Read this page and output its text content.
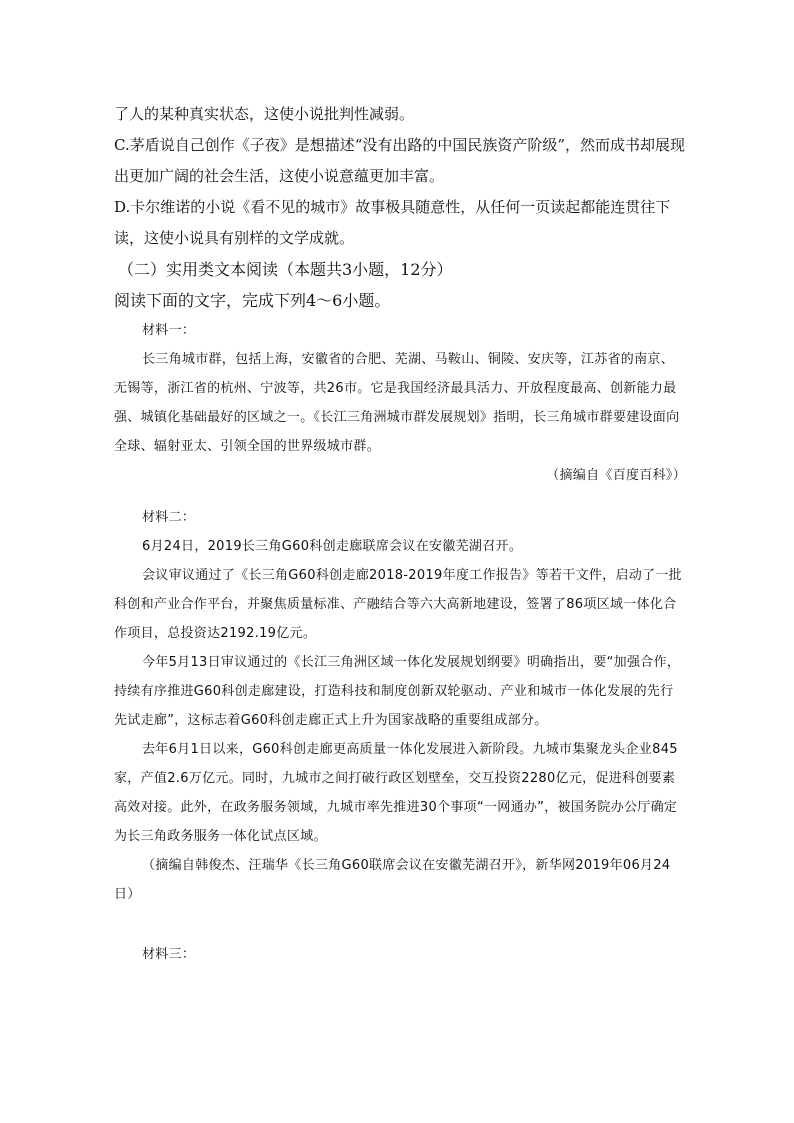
了人的某种真实状态，这使小说批判性减弱。

C.茅盾说自己创作《子夜》是想描述“没有出路的中国民族资产阶级”，然而成书却展现出更加广阔的社会生活，这使小说意蕴更加丰富。

D.卡尔维诺的小说《看不见的城市》故事极具随意性，从任何一页读起都能连贯往下读，这使小说具有别样的文学成就。

（二）实用类文本阅读（本题共3小题，12分）

阅读下面的文字，完成下列4～6小题。

材料一：

长三角城市群，包括上海，安徽省的合肥、芜湖、马鞍山、铜陵、安庆等，江苏省的南京、无锡等，浙江省的杭州、宁波等，共26市。它是我国经济最具活力、开放程度最高、创新能力最强、城镇化基础最好的区域之一。《长江三角洲城市群发展规划》指明，长三角城市群要建设面向全球、辐射亚太、引领全国的世界级城市群。

（摘编自《百度百科》）

材料二：

6月24日，2019长三角G60科创走廊联席会议在安徽芜湖召开。

会议审议通过了《长三角G60科创走廊2018-2019年度工作报告》等若干文件，启动了一批科创和产业合作平台，并聚焦质量标准、产融结合等六大高新地建设，签署了86项区域一体化合作项目，总投资达2192.19亿元。

今年5月13日审议通过的《长江三角洲区域一体化发展规划纲要》明确指出，要“加强合作，持续有序推进G60科创走廊建设，打造科技和制度创新双轮驱动、产业和城市一体化发展的先行先试走廊”，这标志着G60科创走廊正式上升为国家战略的重要组成部分。

去年6月1日以来，G60科创走廊更高质量一体化发展进入新阶段。九城市集聚龙头企业845家，产值2.6万亿元。同时，九城市之间打破行政区划壁垒，交互投资2280亿元，促进科创要素高效对接。此外，在政务服务领域，九城市率先推进30个事项“一网通办”，被国务院办公厅确定为长三角政务服务一体化试点区域。

（摘编自韩俊杰、汪瑞华《长三角G60联席会议在安徽芜湖召开》，新华网2019年06月24日）

材料三：
